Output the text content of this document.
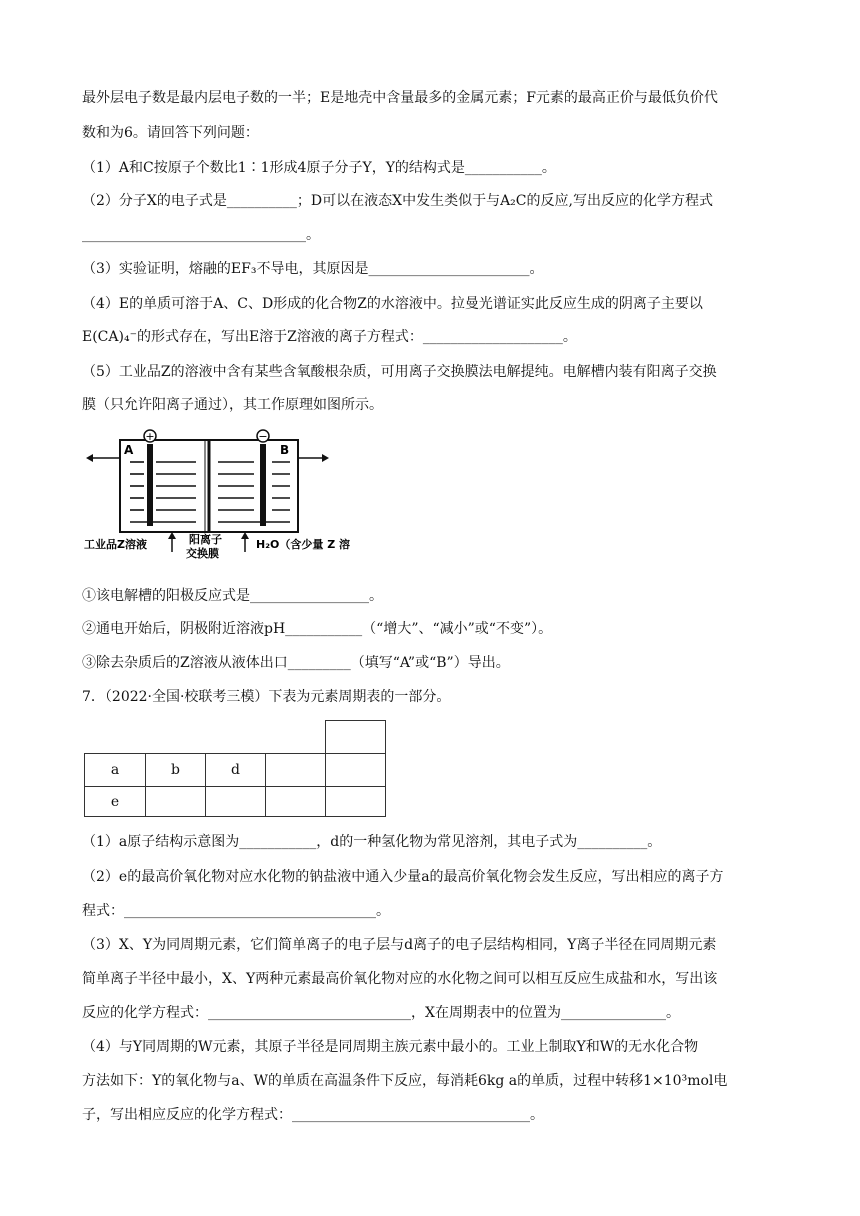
最外层电子数是最内层电子数的一半；E是地壳中含量最多的金属元素；F元素的最高正价与最低负价代
数和为6。请回答下列问题：
（1）A和C按原子个数比1∶1形成4原子分子Y，Y的结构式是___________。
（2）分子X的电子式是__________；D可以在液态X中发生类似于与A₂C的反应,写出反应的化学方程式
________________________________。
（3）实验证明，熔融的EF₃不导电，其原因是_______________________。
（4）E的单质可溶于A、C、D形成的化合物Z的水溶液中。拉曼光谱证实此反应生成的阴离子主要以
E(CA)₄⁻的形式存在，写出E溶于Z溶液的离子方程式：____________________。
（5）工业品Z的溶液中含有某些含氧酸根杂质，可用离子交换膜法电解提纯。电解槽内装有阳离子交换
膜（只允许阳离子通过），其工作原理如图所示。
+	−
A	B
工业品Z溶液	阳离子
交换膜
H₂O（含少量 Z 溶
①该电解槽的阳极反应式是_________________。
②通电开始后，阴极附近溶液pH___________（“增大”、“减小”或“不变”）。
③除去杂质后的Z溶液从液体出口_________（填写“A”或“B”）导出。
7．（2022·全国·校联考三模）下表为元素周期表的一部分。
a	b	d
e
（1）a原子结构示意图为___________，d的一种氢化物为常见溶剂，其电子式为__________。
（2）e的最高价氧化物对应水化物的钠盐液中通入少量a的最高价氧化物会发生反应，写出相应的离子方
程式：____________________________________。
（3）X、Y为同周期元素，它们简单离子的电子层与d离子的电子层结构相同，Y离子半径在同周期元素
简单离子半径中最小，X、Y两种元素最高价氧化物对应的水化物之间可以相互反应生成盐和水，写出该
反应的化学方程式：_____________________________，X在周期表中的位置为_______________。
（4）与Y同周期的W元素，其原子半径是同周期主族元素中最小的。工业上制取Y和W的无水化合物
方法如下：Y的氧化物与a、W的单质在高温条件下反应，每消耗6kg a的单质，过程中转移1×10³mol电
子，写出相应反应的化学方程式：__________________________________。
